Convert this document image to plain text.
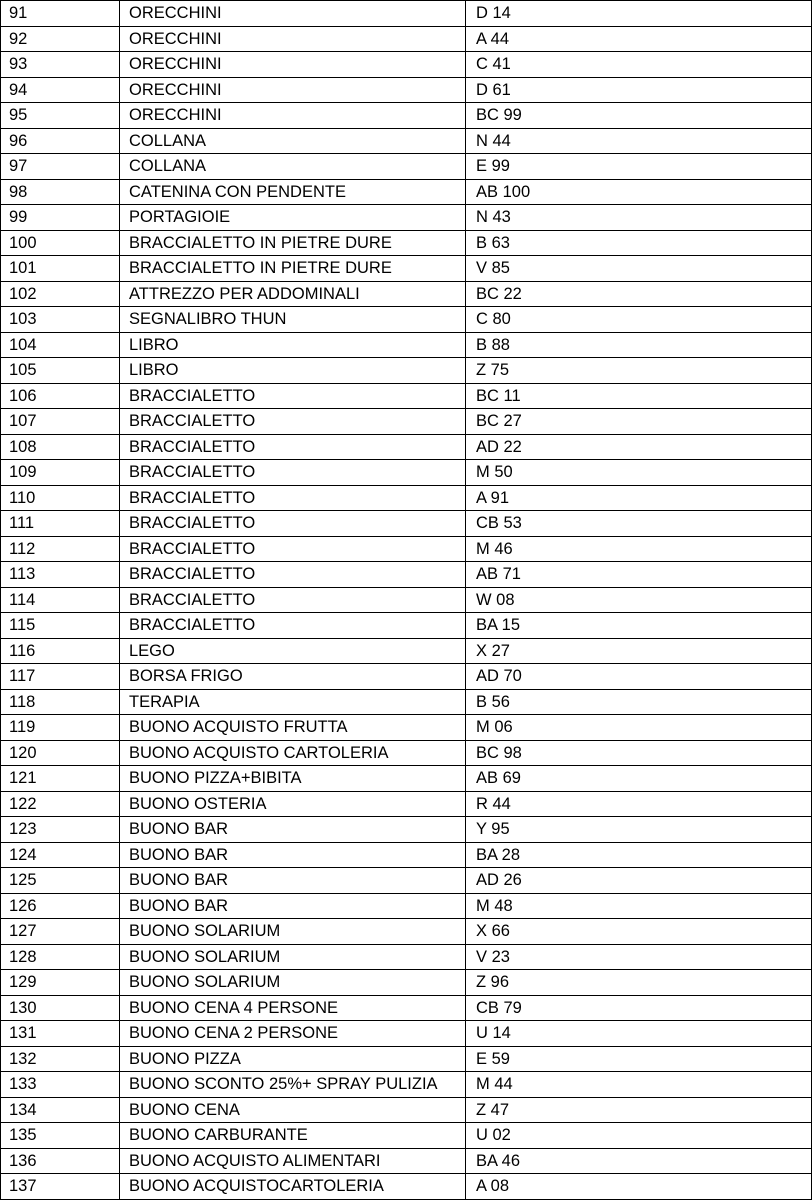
91	ORECCHINI	D 14
92	ORECCHINI	A 44
93	ORECCHINI	C 41
94	ORECCHINI	D 61
95	ORECCHINI	BC 99
96	COLLANA	N 44
97	COLLANA	E 99
98	CATENINA CON PENDENTE	AB 100
99	PORTAGIOIE	N 43
100	BRACCIALETTO IN PIETRE DURE	B 63
101	BRACCIALETTO IN PIETRE DURE	V 85
102	ATTREZZO PER ADDOMINALI	BC 22
103	SEGNALIBRO THUN	C 80
104	LIBRO	B 88
105	LIBRO	Z 75
106	BRACCIALETTO	BC 11
107	BRACCIALETTO	BC 27
108	BRACCIALETTO	AD 22
109	BRACCIALETTO	M 50
110	BRACCIALETTO	A 91
111	BRACCIALETTO	CB 53
112	BRACCIALETTO	M 46
113	BRACCIALETTO	AB 71
114	BRACCIALETTO	W 08
115	BRACCIALETTO	BA 15
116	LEGO	X 27
117	BORSA FRIGO	AD 70
118	TERAPIA	B 56
119	BUONO ACQUISTO FRUTTA	M 06
120	BUONO ACQUISTO CARTOLERIA	BC 98
121	BUONO PIZZA+BIBITA	AB 69
122	BUONO OSTERIA	R 44
123	BUONO BAR	Y 95
124	BUONO BAR	BA 28
125	BUONO BAR	AD 26
126	BUONO BAR	M 48
127	BUONO SOLARIUM	X 66
128	BUONO SOLARIUM	V 23
129	BUONO SOLARIUM	Z 96
130	BUONO CENA 4 PERSONE	CB 79
131	BUONO CENA 2 PERSONE	U 14
132	BUONO PIZZA	E 59
133	BUONO SCONTO 25%+ SPRAY PULIZIA	M 44
134	BUONO CENA	Z 47
135	BUONO CARBURANTE	U 02
136	BUONO ACQUISTO ALIMENTARI	BA 46
137	BUONO ACQUISTOCARTOLERIA	A 08
